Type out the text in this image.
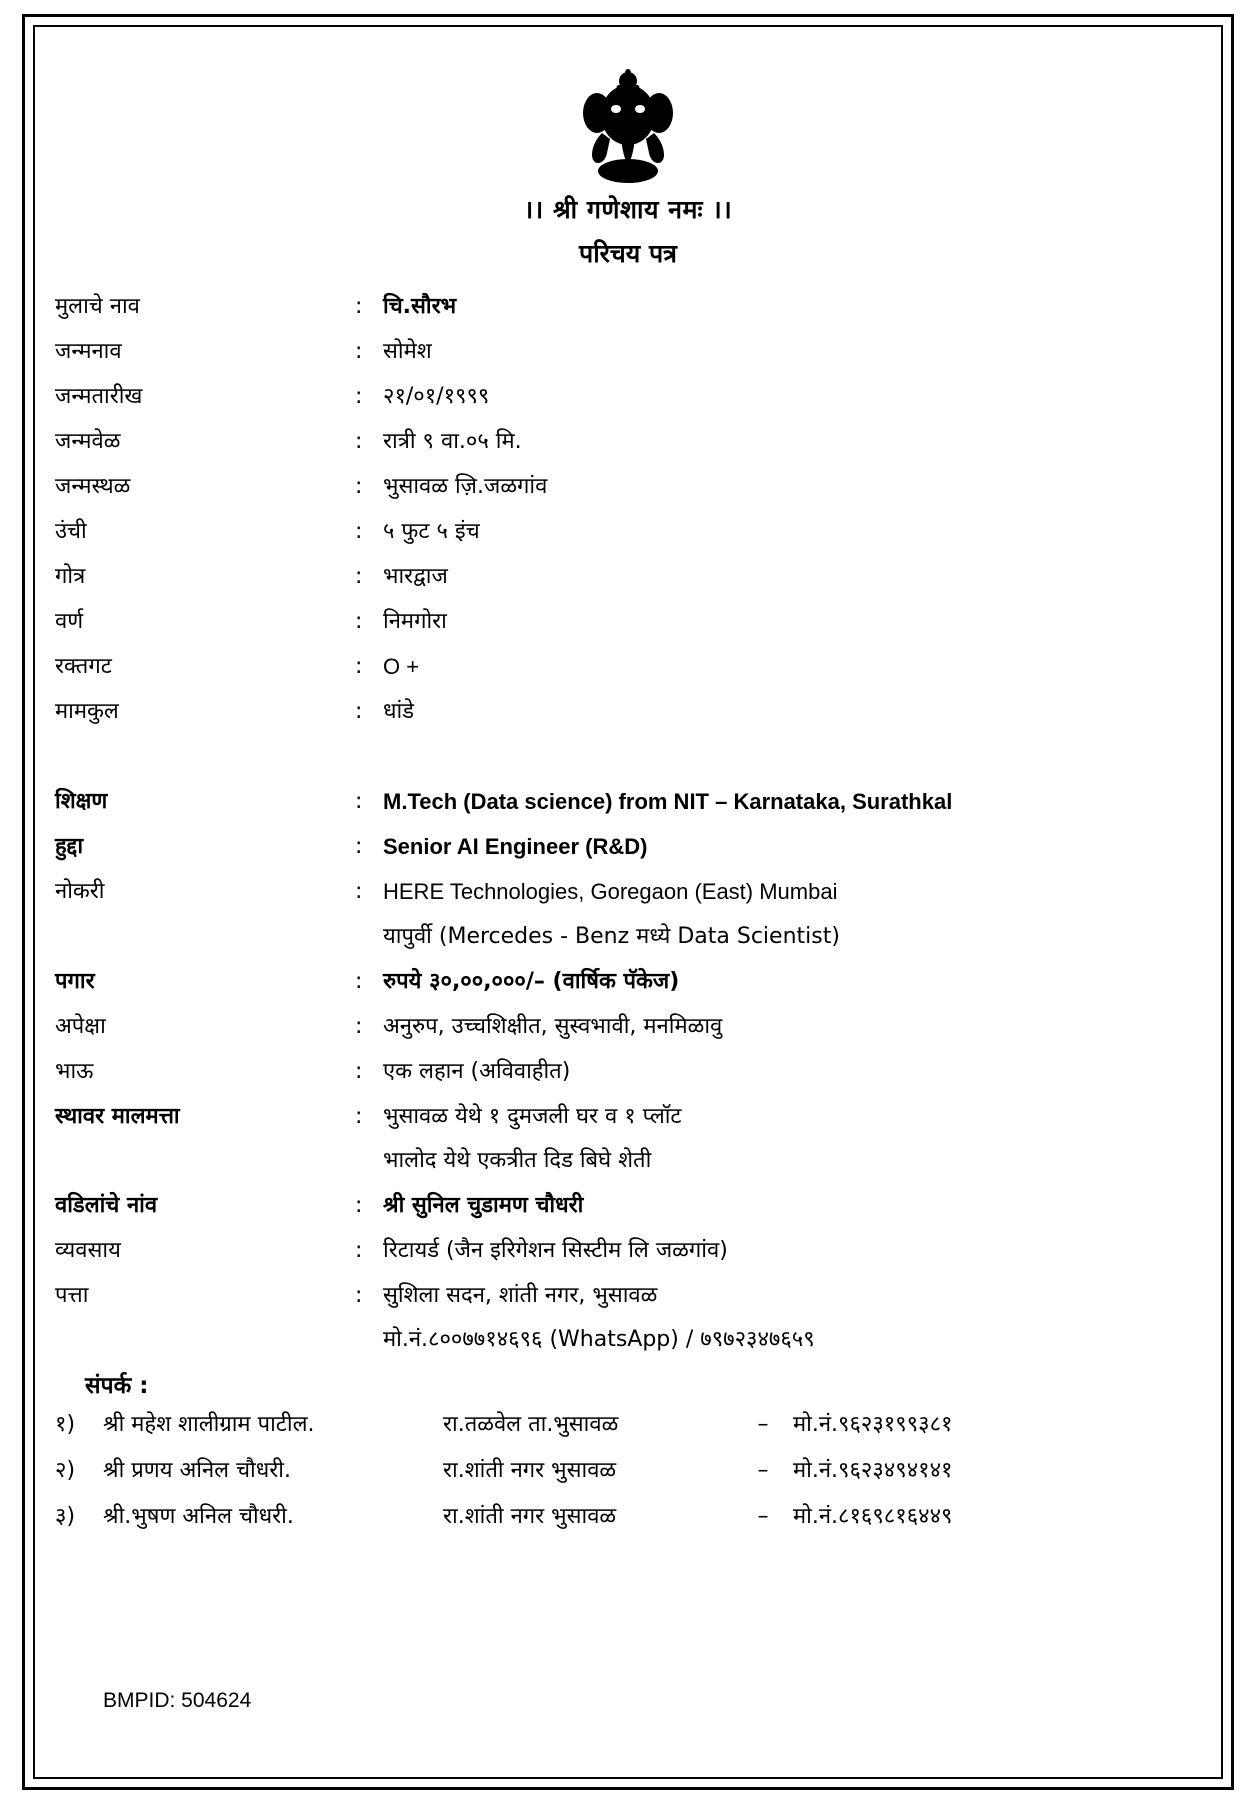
।। श्री गणेशाय नमः ।।
परिचय पत्र
मुलाचे नाव	:	चि.सौरभ
जन्मनाव	:	सोमेश
जन्मतारीख	:	२१/०१/१९९९
जन्मवेळ	:	रात्री ९ वा.०५ मि.
जन्मस्थळ	:	भुसावळ ज़ि.जळगांव
उंची	:	५ फुट ५ इंच
गोत्र	:	भारद्वाज
वर्ण	:	निमगोरा
रक्तगट	:	O +
मामकुल	:	धांडे

शिक्षण	:	M.Tech (Data science) from NIT – Karnataka, Surathkal
हुद्दा	:	Senior AI Engineer (R&D)
नोकरी	:	HERE Technologies, Goregaon (East) Mumbai
यापुर्वी (Mercedes - Benz मध्ये Data Scientist)

पगार	:	रुपये ३०,००,०००/– (वार्षिक पॅकेज)
अपेक्षा	:	अनुरुप, उच्चशिक्षीत, सुस्वभावी, मनमिळावु
भाऊ	:	एक लहान (अविवाहीत)
स्थावर मालमत्ता	:	भुसावळ येथे १ दुमजली घर व १ प्लॉट
भालोद येथे एकत्रीत दिड बिघे शेती

वडिलांचे नांव	:	श्री सुनिल चुडामण चौधरी
व्यवसाय	:	रिटायर्ड (जैन इरिगेशन सिस्टीम लि जळगांव)
पत्ता	:	सुशिला सदन, शांती नगर, भुसावळ
मो.नं.८००७७१४६९६ (WhatsApp) / ७९७२३४७६५९
संपर्क :
१)	श्री महेश शालीग्राम पाटील.	रा.तळवेल ता.भुसावळ	–	मो.नं.९६२३१९९३८१
२)	श्री प्रणय अनिल चौधरी.	रा.शांती नगर भुसावळ	–	मो.नं.९६२३४९४१४१
३)	श्री.भुषण अनिल चौधरी.	रा.शांती नगर भुसावळ	–	मो.नं.८१६९८१६४४९
BMPID: 504624
